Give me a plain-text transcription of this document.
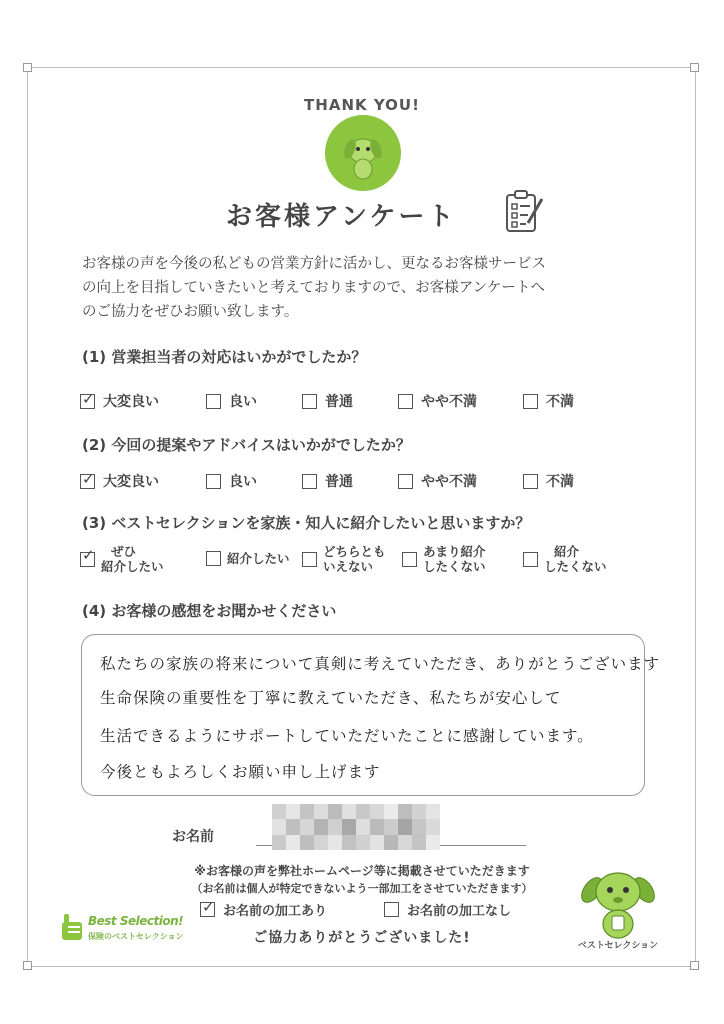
THANK YOU!
お客様アンケート
お客様の声を今後の私どもの営業方針に活かし、更なるお客様サービス
の向上を目指していきたいと考えておりますので、お客様アンケートへ
のご協力をぜひお願い致します。
(1) 営業担当者の対応はいかがでしたか？
✓ 大変良い	良い	普通	やや不満	不満
(2) 今回の提案やアドバイスはいかがでしたか？
✓ 大変良い	良い	普通	やや不満	不満
(3) ベストセレクションを家族・知人に紹介したいと思いますか？
✓	ぜひ
紹介したい
紹介したい	どちらとも
いえない
あまり紹介
したくない
紹介
したくない
(4) お客様の感想をお聞かせください
私たちの家族の将来について真剣に考えていただき、ありがとうございます
生命保険の重要性を丁寧に教えていただき、私たちが安心して
生活できるようにサポートしていただいたことに感謝しています。
今後ともよろしくお願い申し上げます
お名前
※お客様の声を弊社ホームページ等に掲載させていただきます
（お名前は個人が特定できないよう一部加工をさせていただきます）
✓ お名前の加工あり	お名前の加工なし
ご協力ありがとうございました!
Best Selection!
保険のベストセレクション
ベストセレクション
